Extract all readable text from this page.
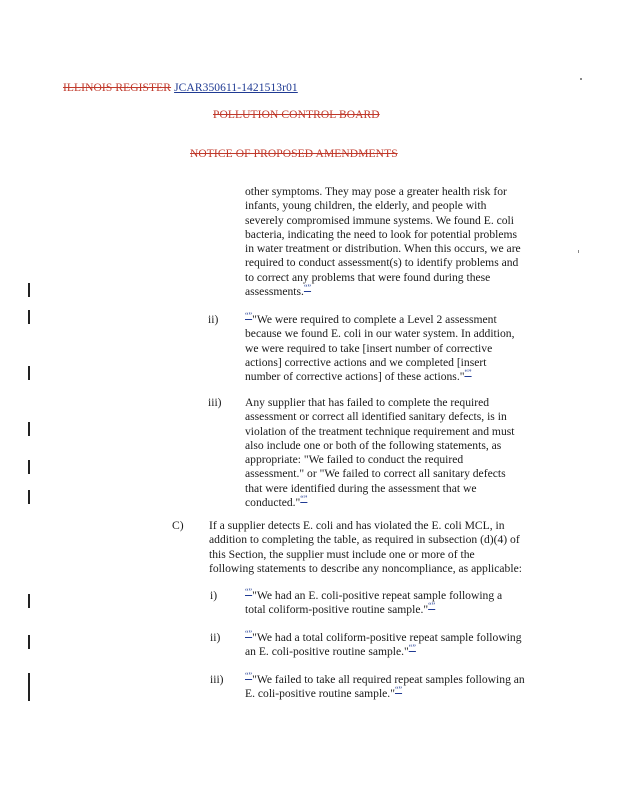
ILLINOIS REGISTER JCAR350611-1421513r01
POLLUTION CONTROL BOARD
NOTICE OF PROPOSED AMENDMENTS
other symptoms. They may pose a greater health risk for
infants, young children, the elderly, and people with
severely compromised immune systems. We found E. coli
bacteria, indicating the need to look for potential problems
in water treatment or distribution. When this occurs, we are
required to conduct assessment(s) to identify problems and
to correct any problems that were found during these
assessments.“”
ii)	“”"We were required to complete a Level 2 assessment
because we found E. coli in our water system. In addition,
we were required to take [insert number of corrective
actions] corrective actions and we completed [insert
number of corrective actions] of these actions."“”
iii) Any supplier that has failed to complete the required
assessment or correct all identified sanitary defects, is in
violation of the treatment technique requirement and must
also include one or both of the following statements, as
appropriate: "We failed to conduct the required
assessment." or "We failed to correct all sanitary defects
that were identified during the assessment that we
conducted."“”
C) If a supplier detects E. coli and has violated the E. coli MCL, in
addition to completing the table, as required in subsection (d)(4) of
this Section, the supplier must include one or more of the
following statements to describe any noncompliance, as applicable:
i)	“”"We had an E. coli-positive repeat sample following a
total coliform-positive routine sample."“”
ii)	“”"We had a total coliform-positive repeat sample following
an E. coli-positive routine sample."“”
iii)	“”"We failed to take all required repeat samples following an
E. coli-positive routine sample."“”
